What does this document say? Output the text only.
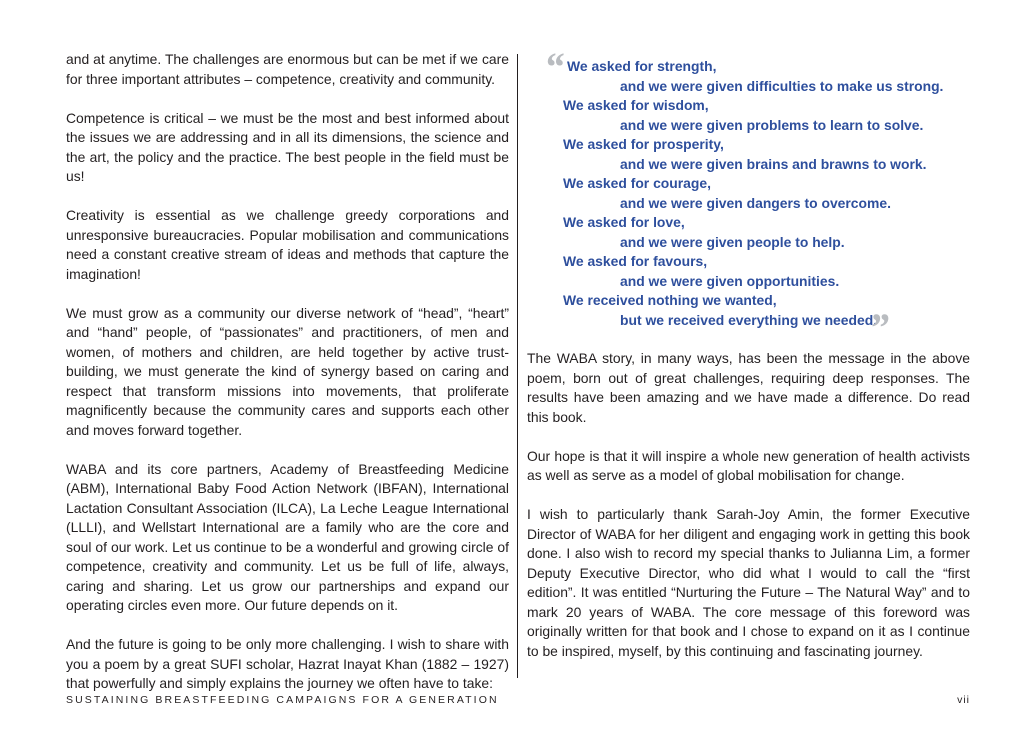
and at anytime. The challenges are enormous but can be met if we care for three important attributes – competence, creativity and community.

Competence is critical – we must be the most and best informed about the issues we are addressing and in all its dimensions, the science and the art, the policy and the practice. The best people in the field must be us!

Creativity is essential as we challenge greedy corporations and unresponsive bureaucracies. Popular mobilisation and communications need a constant creative stream of ideas and methods that capture the imagination!

We must grow as a community our diverse network of “head”, “heart” and “hand” people, of “passionates” and practitioners, of men and women, of mothers and children, are held together by active trust-building, we must generate the kind of synergy based on caring and respect that transform missions into movements, that proliferate magnificently because the community cares and supports each other and moves forward together.

WABA and its core partners, Academy of Breastfeeding Medicine (ABM), International Baby Food Action Network (IBFAN), International Lactation Consultant Association (ILCA), La Leche League International (LLLI), and Wellstart International are a family who are the core and soul of our work. Let us continue to be a wonderful and growing circle of competence, creativity and community. Let us be full of life, always, caring and sharing. Let us grow our partnerships and expand our operating circles even more. Our future depends on it.

And the future is going to be only more challenging. I wish to share with you a poem by a great SUFI scholar, Hazrat Inayat Khan (1882 – 1927) that powerfully and simply explains the journey we often have to take:

“ We asked for strength,
and we were given difficulties to make us strong.
We asked for wisdom,
and we were given problems to learn to solve.
We asked for prosperity,
and we were given brains and brawns to work.
We asked for courage,
and we were given dangers to overcome.
We asked for love,
and we were given people to help.
We asked for favours,
and we were given opportunities.
We received nothing we wanted,
but we received everything we needed.
”

The WABA story, in many ways, has been the message in the above poem, born out of great challenges, requiring deep responses. The results have been amazing and we have made a difference. Do read this book.

Our hope is that it will inspire a whole new generation of health activists as well as serve as a model of global mobilisation for change.

I wish to particularly thank Sarah-Joy Amin, the former Executive Director of WABA for her diligent and engaging work in getting this book done. I also wish to record my special thanks to Julianna Lim, a former Deputy Executive Director, who did what I would to call the “first edition”. It was entitled “Nurturing the Future – The Natural Way” and to mark 20 years of WABA. The core message of this foreword was originally written for that book and I chose to expand on it as I continue to be inspired, myself, by this continuing and fascinating journey.

SUSTAINING BREASTFEEDING CAMPAIGNS FOR A GENERATION	vii
